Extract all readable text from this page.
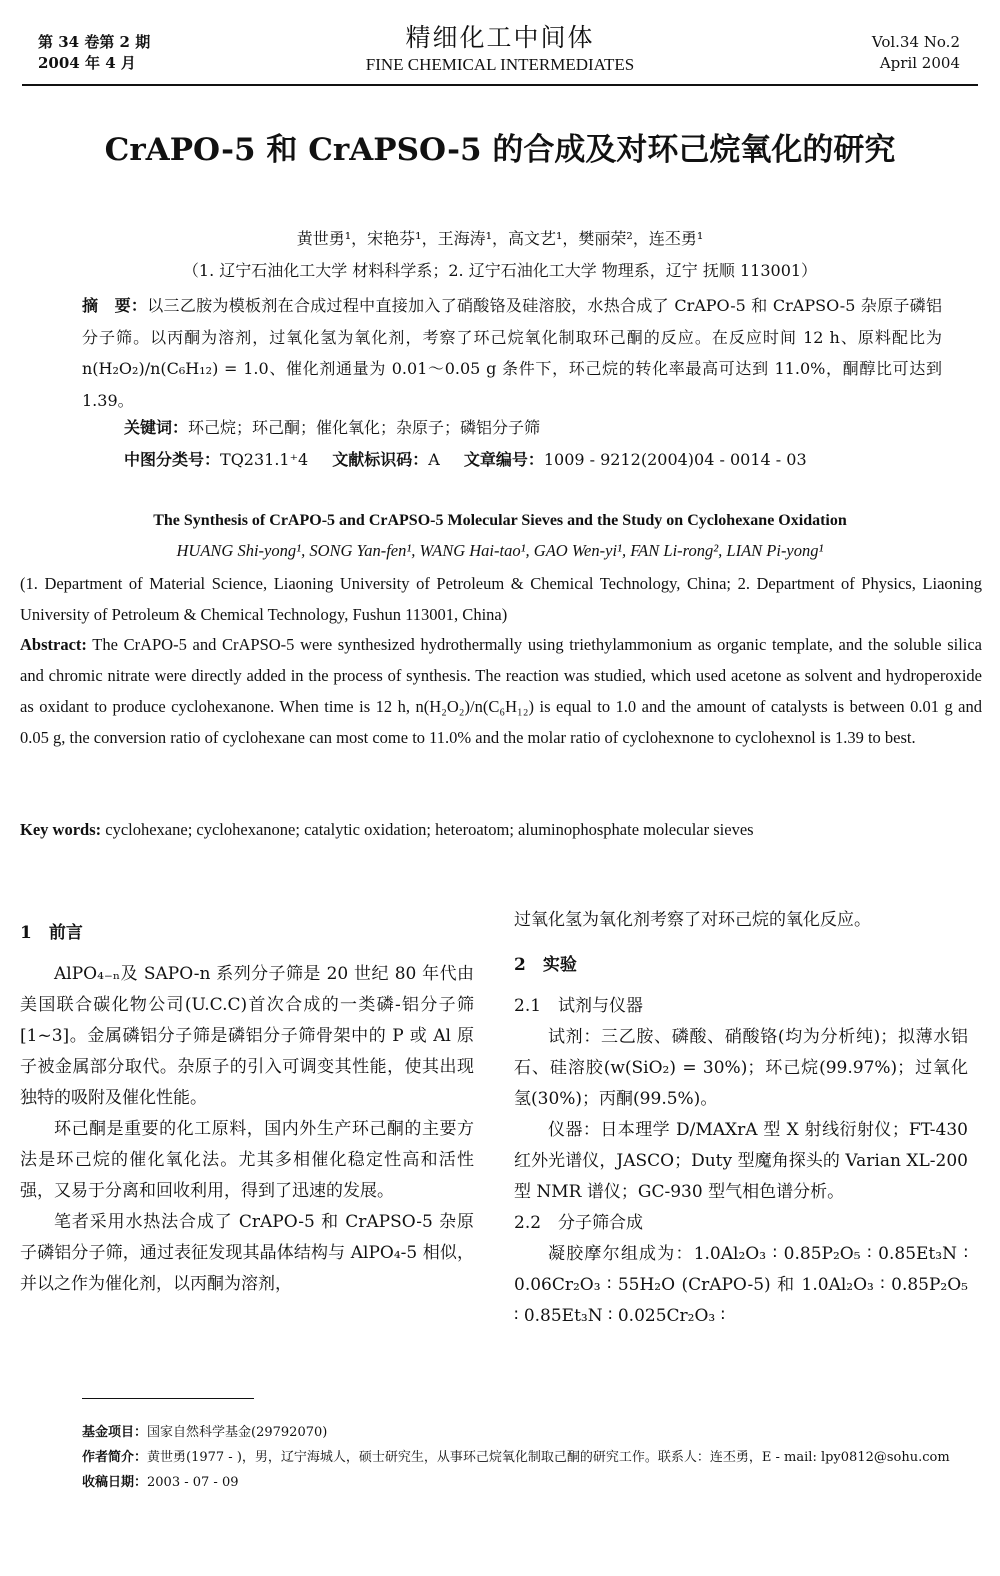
第 34 卷第 2 期
2004 年 4 月
精细化工中间体
FINE CHEMICAL INTERMEDIATES
Vol.34 No.2
April 2004
CrAPO-5 和 CrAPSO-5 的合成及对环己烷氧化的研究
黄世勇¹，宋艳芬¹，王海涛¹，高文艺¹，樊丽荣²，连丕勇¹
（1. 辽宁石油化工大学 材料科学系；2. 辽宁石油化工大学 物理系，辽宁 抚顺 113001）
摘　要：以三乙胺为模板剂在合成过程中直接加入了硝酸铬及硅溶胶，水热合成了 CrAPO-5 和 CrAPSO-5 杂原子磷铝分子筛。以丙酮为溶剂，过氧化氢为氧化剂，考察了环己烷氧化制取环己酮的反应。在反应时间 12 h、原料配比为 n(H₂O₂)/n(C₆H₁₂) = 1.0、催化剂通量为 0.01～0.05 g 条件下，环己烷的转化率最高可达到 11.0%，酮醇比可达到 1.39。
关键词：环己烷；环己酮；催化氧化；杂原子；磷铝分子筛
中图分类号：TQ231.1⁺4 文献标识码：A 文章编号：1009 - 9212(2004)04 - 0014 - 03
The Synthesis of CrAPO-5 and CrAPSO-5 Molecular Sieves and the Study on Cyclohexane Oxidation
HUANG Shi-yong¹, SONG Yan-fen¹, WANG Hai-tao¹, GAO Wen-yi¹, FAN Li-rong², LIAN Pi-yong¹
(1. Department of Material Science, Liaoning University of Petroleum & Chemical Technology, China; 2. Department of Physics, Liaoning University of Petroleum & Chemical Technology, Fushun 113001, China)
Abstract: The CrAPO-5 and CrAPSO-5 were synthesized hydrothermally using triethylammonium as organic template, and the soluble silica and chromic nitrate were directly added in the process of synthesis. The reaction was studied, which used acetone as solvent and hydroperoxide as oxidant to produce cyclohexanone. When time is 12 h, n(H₂O₂)/n(C₆H₁₂) is equal to 1.0 and the amount of catalysts is between 0.01 g and 0.05 g, the conversion ratio of cyclohexane can most come to 11.0% and the molar ratio of cyclohexnone to cyclohexnol is 1.39 to best.
Key words: cyclohexane; cyclohexanone; catalytic oxidation; heteroatom; aluminophosphate molecular sieves

1　前言

AlPO₄₋ₙ及 SAPO-n 系列分子筛是 20 世纪 80 年代由美国联合碳化物公司(U.C.C)首次合成的一类磷-铝分子筛[1~3]。金属磷铝分子筛是磷铝分子筛骨架中的 P 或 Al 原子被金属部分取代。杂原子的引入可调变其性能，使其出现独特的吸附及催化性能。

环己酮是重要的化工原料，国内外生产环己酮的主要方法是环己烷的催化氧化法。尤其多相催化稳定性高和活性强，又易于分离和回收利用，得到了迅速的发展。

笔者采用水热法合成了 CrAPO-5 和 CrAPSO-5 杂原子磷铝分子筛，通过表征发现其晶体结构与 AlPO₄-5 相似，并以之作为催化剂，以丙酮为溶剂，

过氧化氢为氧化剂考察了对环己烷的氧化反应。

2　实验

2.1　试剂与仪器

试剂：三乙胺、磷酸、硝酸铬(均为分析纯)；拟薄水铝石、硅溶胶(w(SiO₂) = 30%)；环己烷(99.97%)；过氧化氢(30%)；丙酮(99.5%)。

仪器：日本理学 D/MAXrA 型 X 射线衍射仪；FT-430 红外光谱仪，JASCO；Duty 型魔角探头的 Varian XL-200 型 NMR 谱仪；GC-930 型气相色谱分析。

2.2　分子筛合成

凝胶摩尔组成为：1.0Al₂O₃ ∶ 0.85P₂O₅ ∶ 0.85Et₃N ∶ 0.06Cr₂O₃ ∶ 55H₂O (CrAPO-5) 和 1.0Al₂O₃ ∶ 0.85P₂O₅ ∶ 0.85Et₃N ∶ 0.025Cr₂O₃ ∶

基金项目：国家自然科学基金(29792070)

作者简介：黄世勇(1977 - )，男，辽宁海城人，硕士研究生，从事环己烷氧化制取己酮的研究工作。联系人：连丕勇，E - mail: lpy0812@sohu.com

收稿日期：2003 - 07 - 09
